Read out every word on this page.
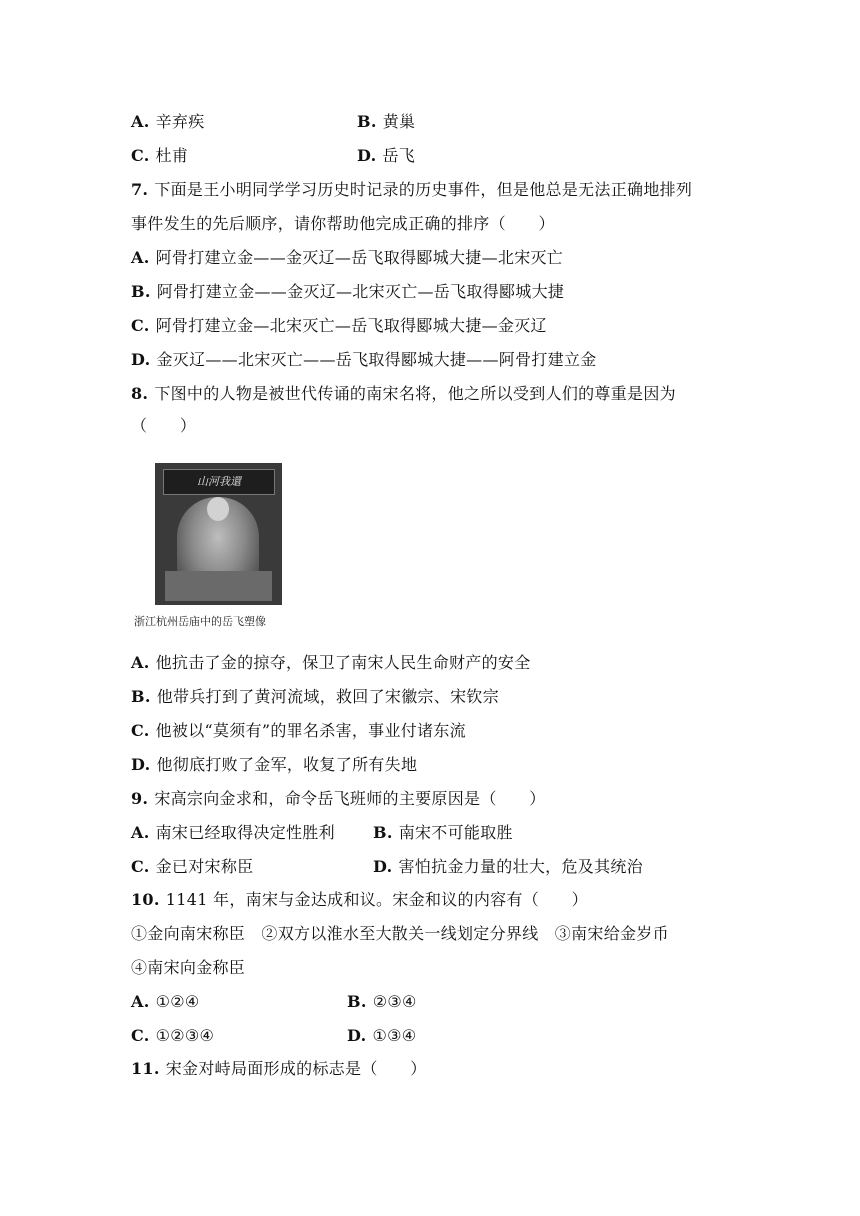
A. 辛弃疾	B. 黄巢
C. 杜甫	D. 岳飞
7. 下面是王小明同学学习历史时记录的历史事件，但是他总是无法正确地排列
事件发生的先后顺序，请你帮助他完成正确的排序（　　）
A. 阿骨打建立金——金灭辽—岳飞取得郾城大捷—北宋灭亡
B. 阿骨打建立金——金灭辽—北宋灭亡—岳飞取得郾城大捷
C. 阿骨打建立金—北宋灭亡—岳飞取得郾城大捷—金灭辽
D. 金灭辽——北宋灭亡——岳飞取得郾城大捷——阿骨打建立金
8. 下图中的人物是被世代传诵的南宋名将，他之所以受到人们的尊重是因为
（　　）
山河我還
浙江杭州岳庙中的岳飞塑像
A. 他抗击了金的掠夺，保卫了南宋人民生命财产的安全
B. 他带兵打到了黄河流域，救回了宋徽宗、宋钦宗
C. 他被以“莫须有”的罪名杀害，事业付诸东流
D. 他彻底打败了金军，收复了所有失地
9. 宋高宗向金求和，命令岳飞班师的主要原因是（　　）
A. 南宋已经取得决定性胜利 B. 南宋不可能取胜
C. 金已对宋称臣	D. 害怕抗金力量的壮大，危及其统治
10. 1141 年，南宋与金达成和议。宋金和议的内容有（　　）
①金向南宋称臣　②双方以淮水至大散关一线划定分界线　③南宋给金岁币
④南宋向金称臣
A. ①②④	B. ②③④
C. ①②③④	D. ①③④
11. 宋金对峙局面形成的标志是（　　）
